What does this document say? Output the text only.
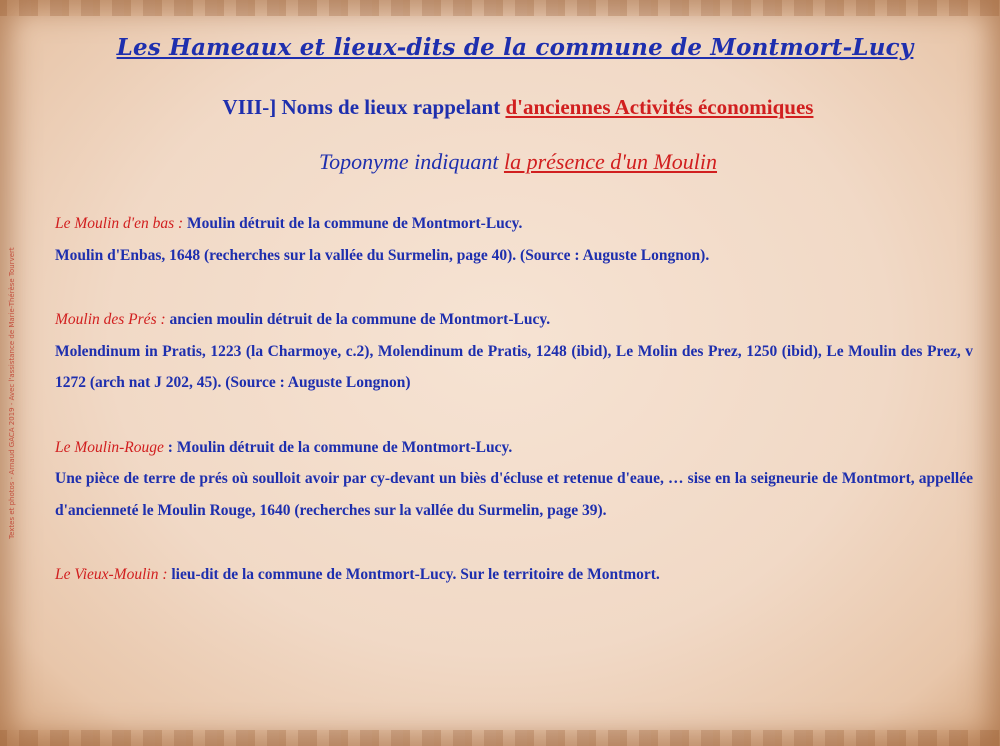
Textes et photos - Arnaud GACA 2019 - Avec l'assistance de Marie-Thérèse Tourvert
Les Hameaux et lieux-dits de la commune de Montmort-Lucy
VIII-] Noms de lieux rappelant d'anciennes Activités économiques
Toponyme indiquant la présence d'un Moulin

Le Moulin d'en bas : Moulin détruit de la commune de Montmort-Lucy.

Moulin d'Enbas, 1648 (recherches sur la vallée du Surmelin, page 40). (Source : Auguste Longnon).

Moulin des Prés : ancien moulin détruit de la commune de Montmort-Lucy.

Molendinum in Pratis, 1223 (la Charmoye, c.2), Molendinum de Pratis, 1248 (ibid), Le Molin des Prez, 1250 (ibid), Le Moulin des Prez, v 1272 (arch nat J 202, 45). (Source : Auguste Longnon)

Le Moulin-Rouge : Moulin détruit de la commune de Montmort-Lucy.

Une pièce de terre de prés où soulloit avoir par cy-devant un biès d'écluse et retenue d'eaue, … sise en la seigneurie de Montmort, appellée d'ancienneté le Moulin Rouge, 1640 (recherches sur la vallée du Surmelin, page 39).

Le Vieux-Moulin : lieu-dit de la commune de Montmort-Lucy. Sur le territoire de Montmort.
